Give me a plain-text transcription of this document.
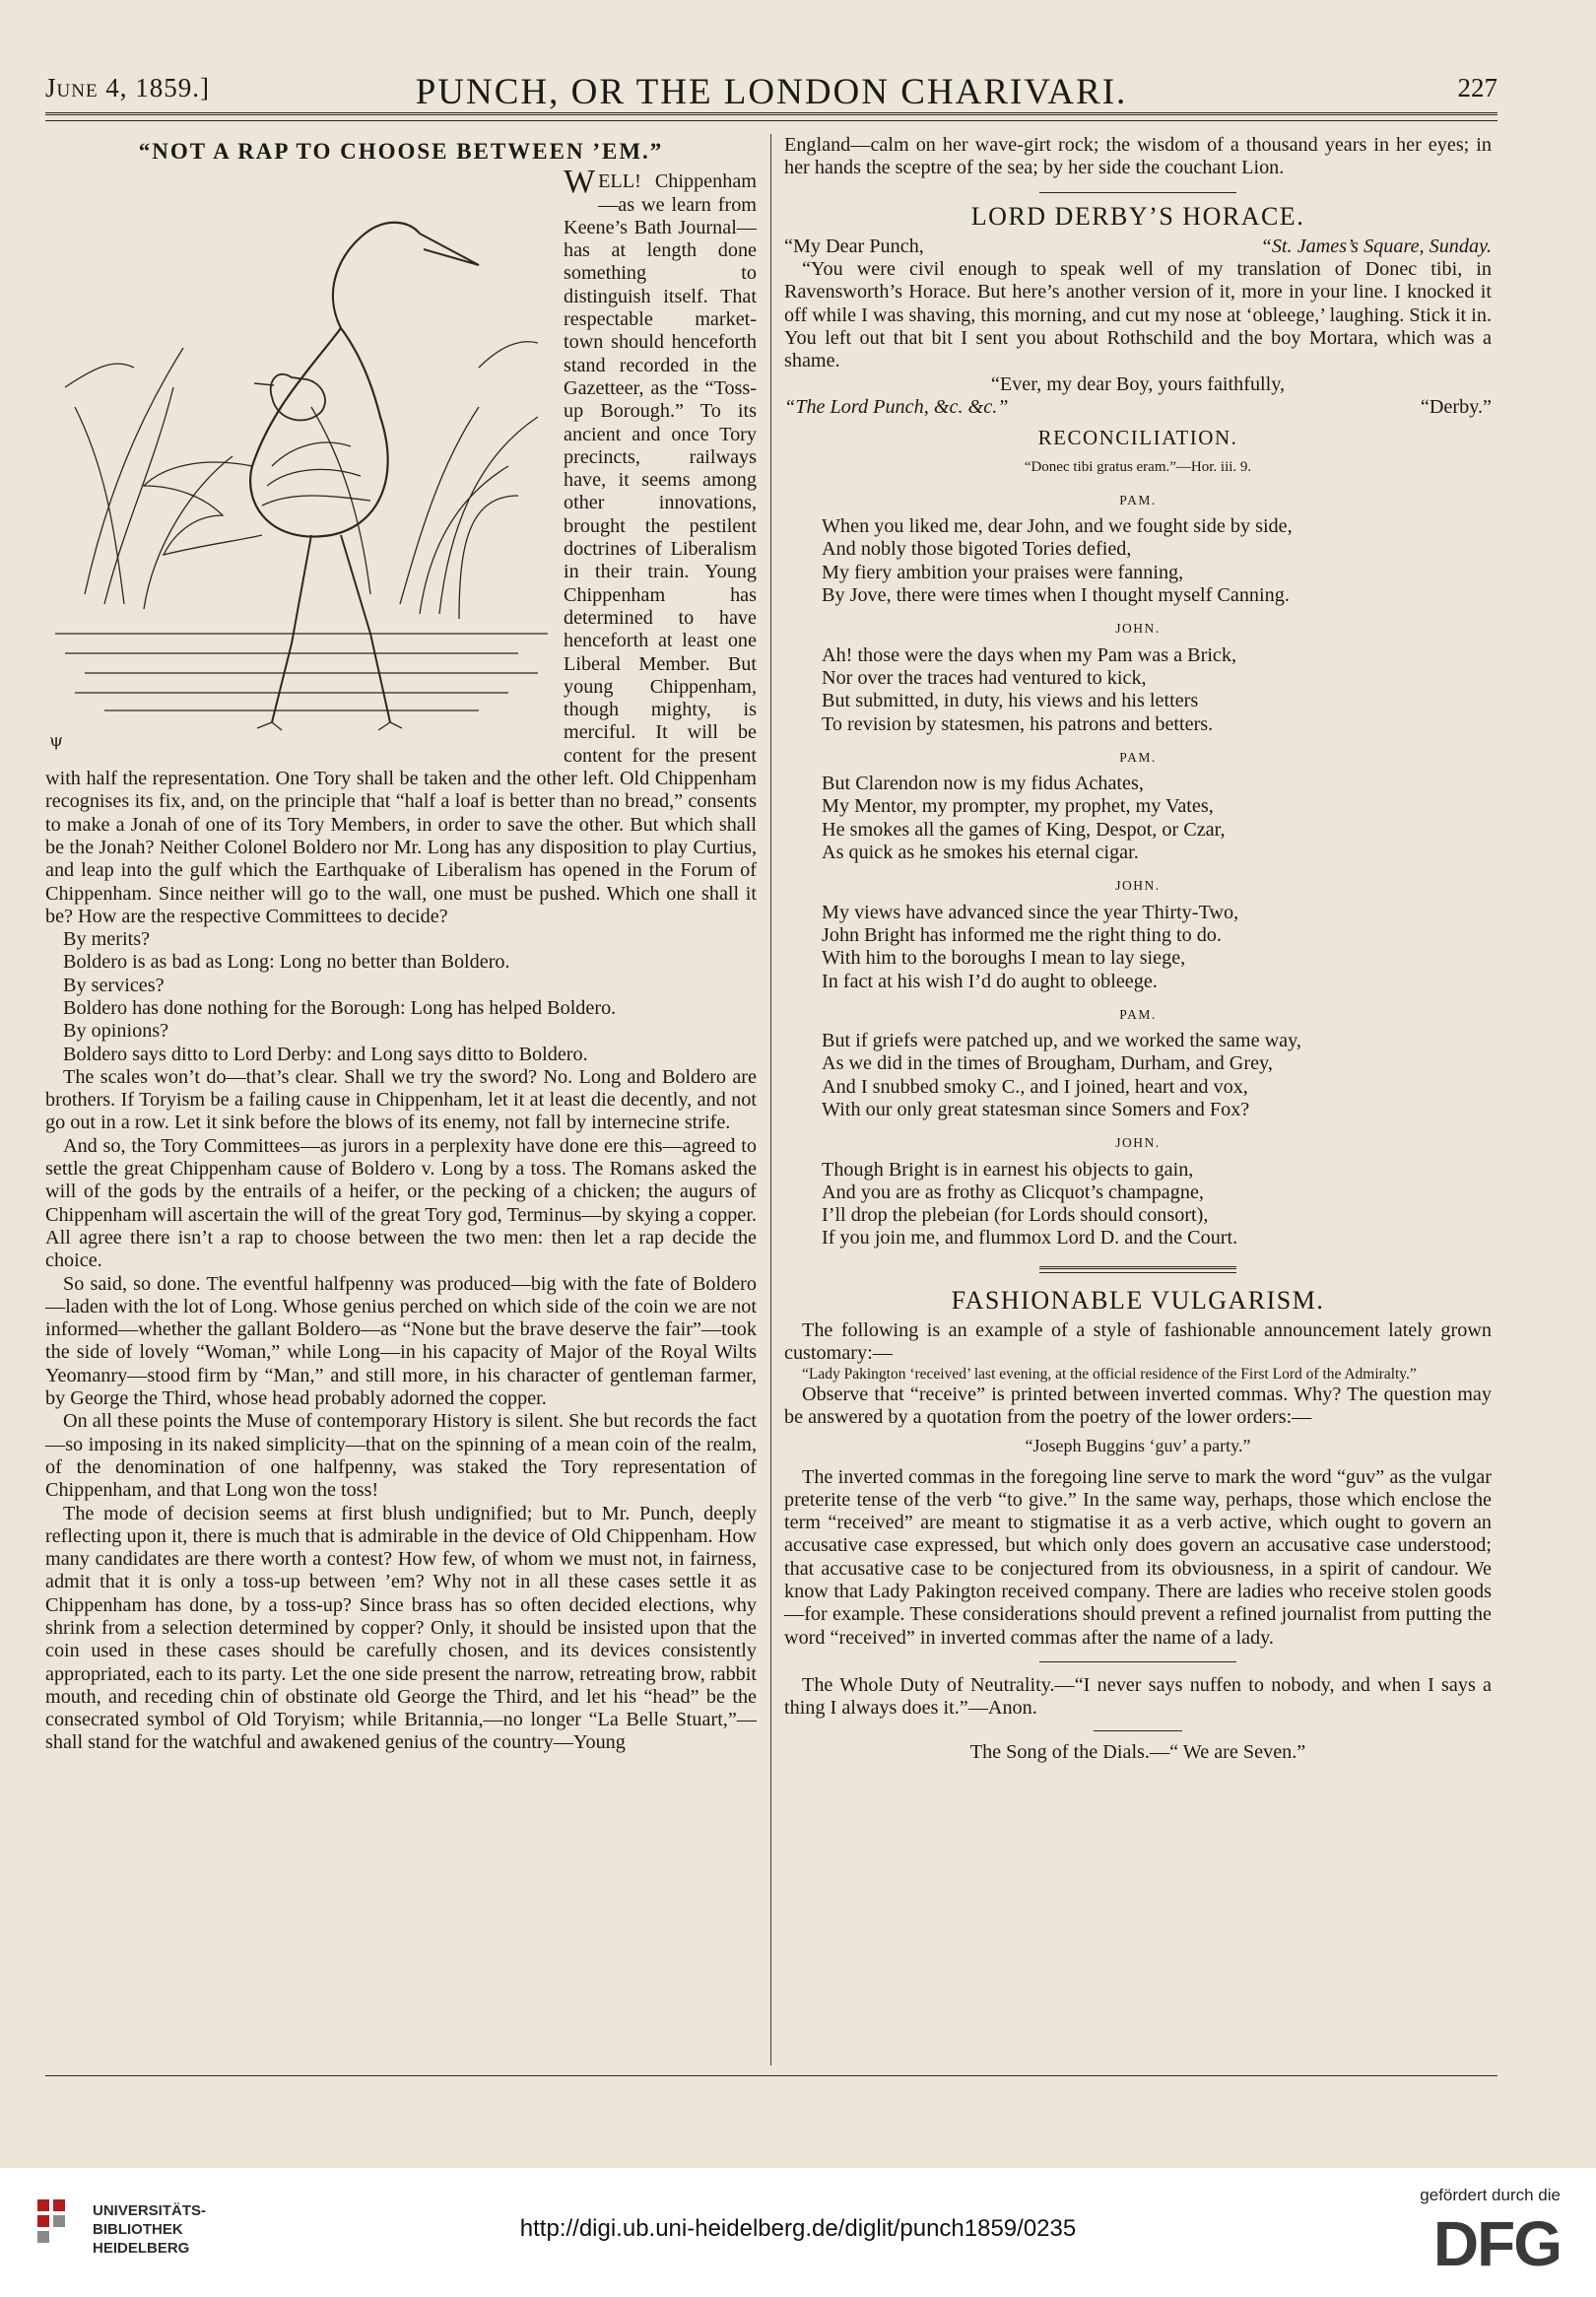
June 4, 1859.]	PUNCH, OR THE LONDON CHARIVARI.	227
“NOT A RAP TO CHOOSE BETWEEN ’EM.”
ψ

WELL! Chippenham—as we learn from Keene’s Bath Journal—has at length done something to distinguish itself. That respectable market-town should henceforth stand recorded in the Gazetteer, as the “Toss-up Borough.” To its ancient and once Tory precincts, railways have, it seems among other innovations, brought the pestilent doctrines of Liberalism in their train. Young Chippenham has determined to have henceforth at least one Liberal Member. But young Chippenham, though mighty, is merciful. It will be content for the present with half the representation. One Tory shall be taken and the other left. Old Chippenham recognises its fix, and, on the principle that “half a loaf is better than no bread,” consents to make a Jonah of one of its Tory Members, in order to save the other. But which shall be the Jonah? Neither Colonel Boldero nor Mr. Long has any disposition to play Curtius, and leap into the gulf which the Earthquake of Liberalism has opened in the Forum of Chippenham. Since neither will go to the wall, one must be pushed. Which one shall it be? How are the respective Committees to decide?

By merits?

Boldero is as bad as Long: Long no better than Boldero.

By services?

Boldero has done nothing for the Borough: Long has helped Boldero.

By opinions?

Boldero says ditto to Lord Derby: and Long says ditto to Boldero.

The scales won’t do—that’s clear. Shall we try the sword? No. Long and Boldero are brothers. If Toryism be a failing cause in Chippenham, let it at least die decently, and not go out in a row. Let it sink before the blows of its enemy, not fall by internecine strife.

And so, the Tory Committees—as jurors in a perplexity have done ere this—agreed to settle the great Chippenham cause of Boldero v. Long by a toss. The Romans asked the will of the gods by the entrails of a heifer, or the pecking of a chicken; the augurs of Chippenham will ascertain the will of the great Tory god, Terminus—by skying a copper. All agree there isn’t a rap to choose between the two men: then let a rap decide the choice.

So said, so done. The eventful halfpenny was produced—big with the fate of Boldero—laden with the lot of Long. Whose genius perched on which side of the coin we are not informed—whether the gallant Boldero—as “None but the brave deserve the fair”—took the side of lovely “Woman,” while Long—in his capacity of Major of the Royal Wilts Yeomanry—stood firm by “Man,” and still more, in his character of gentleman farmer, by George the Third, whose head probably adorned the copper.

On all these points the Muse of contemporary History is silent. She but records the fact—so imposing in its naked simplicity—that on the spinning of a mean coin of the realm, of the denomination of one halfpenny, was staked the Tory representation of Chippenham, and that Long won the toss!

The mode of decision seems at first blush undignified; but to Mr. Punch, deeply reflecting upon it, there is much that is admirable in the device of Old Chippenham. How many candidates are there worth a contest? How few, of whom we must not, in fairness, admit that it is only a toss-up between ’em? Why not in all these cases settle it as Chippenham has done, by a toss-up? Since brass has so often decided elections, why shrink from a selection determined by copper? Only, it should be insisted upon that the coin used in these cases should be carefully chosen, and its devices consistently appropriated, each to its party. Let the one side present the narrow, retreating brow, rabbit mouth, and receding chin of obstinate old George the Third, and let his “head” be the consecrated symbol of Old Toryism; while Britannia,—no longer “La Belle Stuart,”—shall stand for the watchful and awakened genius of the country—Young

England—calm on her wave-girt rock; the wisdom of a thousand years in her eyes; in her hands the sceptre of the sea; by her side the couchant Lion.

LORD DERBY’S HORACE.
“My Dear Punch,	“St. James’s Square, Sunday.

“You were civil enough to speak well of my translation of Donec tibi, in Ravensworth’s Horace. But here’s another version of it, more in your line. I knocked it off while I was shaving, this morning, and cut my nose at ‘obleege,’ laughing. Stick it in. You left out that bit I sent you about Rothschild and the boy Mortara, which was a shame.

“Ever, my dear Boy, yours faithfully,
“The Lord Punch, &c. &c.”	“Derby.”
RECONCILIATION.
“Donec tibi gratus eram.”—Hor. iii. 9.
PAM.
When you liked me, dear John, and we fought side by side,
And nobly those bigoted Tories defied,
My fiery ambition your praises were fanning,
By Jove, there were times when I thought myself Canning.
JOHN.
Ah! those were the days when my Pam was a Brick,
Nor over the traces had ventured to kick,
But submitted, in duty, his views and his letters
To revision by statesmen, his patrons and betters.
PAM.
But Clarendon now is my fidus Achates,
My Mentor, my prompter, my prophet, my Vates,
He smokes all the games of King, Despot, or Czar,
As quick as he smokes his eternal cigar.
JOHN.
My views have advanced since the year Thirty-Two,
John Bright has informed me the right thing to do.
With him to the boroughs I mean to lay siege,
In fact at his wish I’d do aught to obleege.
PAM.
But if griefs were patched up, and we worked the same way,
As we did in the times of Brougham, Durham, and Grey,
And I snubbed smoky C., and I joined, heart and vox,
With our only great statesman since Somers and Fox?
JOHN.
Though Bright is in earnest his objects to gain,
And you are as frothy as Clicquot’s champagne,
I’ll drop the plebeian (for Lords should consort),
If you join me, and flummox Lord D. and the Court.
FASHIONABLE VULGARISM.

The following is an example of a style of fashionable announcement lately grown customary:—

“Lady Pakington ‘received’ last evening, at the official residence of the First Lord of the Admiralty.”

Observe that “receive” is printed between inverted commas. Why? The question may be answered by a quotation from the poetry of the lower orders:—

“Joseph Buggins ‘guv’ a party.”

The inverted commas in the foregoing line serve to mark the word “guv” as the vulgar preterite tense of the verb “to give.” In the same way, perhaps, those which enclose the term “received” are meant to stigmatise it as a verb active, which ought to govern an accusative case expressed, but which only does govern an accusative case understood; that accusative case to be conjectured from its obviousness, in a spirit of candour. We know that Lady Pakington received company. There are ladies who receive stolen goods—for example. These considerations should prevent a refined journalist from putting the word “received” in inverted commas after the name of a lady.

The Whole Duty of Neutrality.—“I never says nuffen to nobody, and when I says a thing I always does it.”—Anon.

The Song of the Dials.—“ We are Seven.”
UNIVERSITÄTS-
BIBLIOTHEK
HEIDELBERG
http://digi.ub.uni-heidelberg.de/diglit/punch1859/0235
gefördert durch die
DFG
